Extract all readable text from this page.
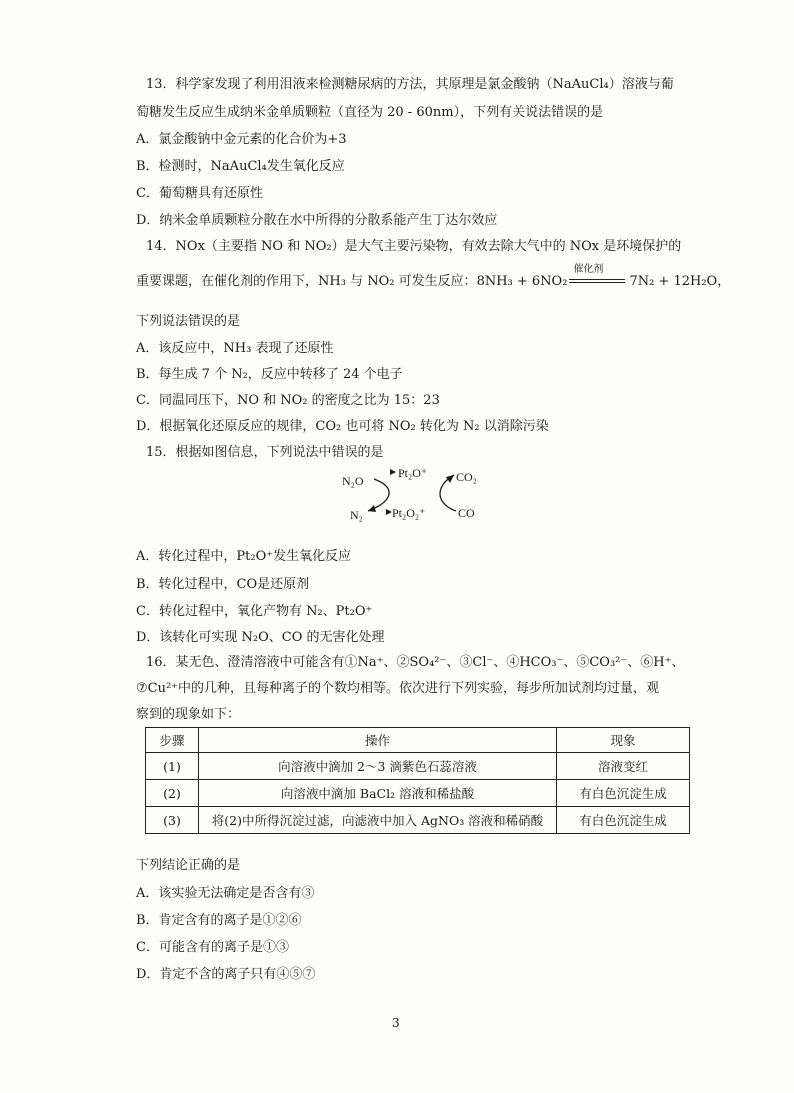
13．科学家发现了利用泪液来检测糖尿病的方法，其原理是氯金酸钠（NaAuCl₄）溶液与葡
萄糖发生反应生成纳米金单质颗粒（直径为 20 - 60nm），下列有关说法错误的是
A．氯金酸钠中金元素的化合价为+3
B．检测时，NaAuCl₄发生氧化反应
C．葡萄糖具有还原性
D．纳米金单质颗粒分散在水中所得的分散系能产生丁达尔效应
14．NOx（主要指 NO 和 NO₂）是大气主要污染物，有效去除大气中的 NOx 是环境保护的
重要课题，在催化剂的作用下，NH₃ 与 NO₂ 可发生反应：8NH₃ + 6NO₂
催化剂
7N₂ + 12H₂O，
下列说法错误的是
A．该反应中，NH₃ 表现了还原性
B．每生成 7 个 N₂，反应中转移了 24 个电子
C．同温同压下，NO 和 NO₂ 的密度之比为 15：23
D．根据氧化还原反应的规律，CO₂ 也可将 NO₂ 转化为 N₂ 以消除污染
15．根据如图信息，下列说法中错误的是
N₂O
Pt₂O⁺ CO₂
N₂ Pt₂O₂⁺	CO
A．转化过程中，Pt₂O⁺发生氧化反应
B．转化过程中，CO是还原剂
C．转化过程中，氧化产物有 N₂、Pt₂O⁺
D．该转化可实现 N₂O、CO 的无害化处理
16．某无色、澄清溶液中可能含有①Na⁺、②SO₄²⁻、③Cl⁻、④HCO₃⁻、⑤CO₃²⁻、⑥H⁺、
⑦Cu²⁺中的几种，且每种离子的个数均相等。依次进行下列实验，每步所加试剂均过量，观
察到的现象如下：
步骤	操作	现象
(1)	向溶液中滴加 2～3 滴紫色石蕊溶液	溶液变红
(2)	向溶液中滴加 BaCl₂ 溶液和稀盐酸	有白色沉淀生成
(3)	将(2)中所得沉淀过滤，向滤液中加入 AgNO₃ 溶液和稀硝酸	有白色沉淀生成
下列结论正确的是
A．该实验无法确定是否含有③
B．肯定含有的离子是①②⑥
C．可能含有的离子是①③
D．肯定不含的离子只有④⑤⑦
3
